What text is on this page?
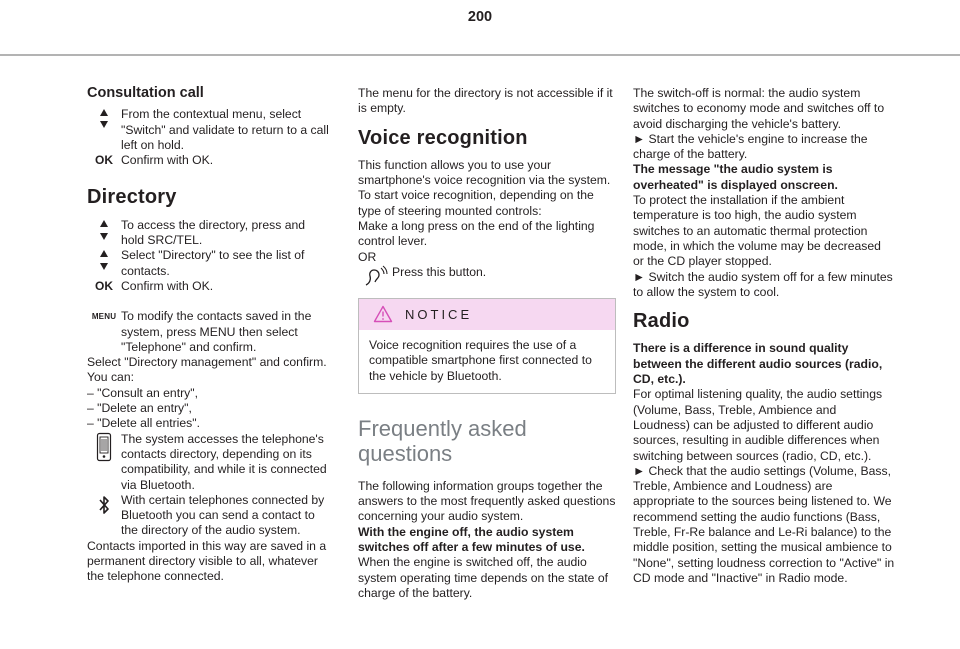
200
Consultation call

From the contextual menu, select "Switch" and validate to return to a call left on hold.

OK Confirm with OK.

Directory

To access the directory, press and hold SRC/TEL.

Select "Directory" to see the list of contacts.

OK Confirm with OK.

MENU To modify the contacts saved in the system, press MENU then select "Telephone" and confirm.

Select "Directory management" and confirm.

You can:

– "Consult an entry",

– "Delete an entry",

– "Delete all entries".

The system accesses the telephone's contacts directory, depending on its compatibility, and while it is connected via Bluetooth.

With certain telephones connected by Bluetooth you can send a contact to the directory of the audio system.

Contacts imported in this way are saved in a permanent directory visible to all, whatever the telephone connected.

The menu for the directory is not accessible if it is empty.

Voice recognition

This function allows you to use your smartphone's voice recognition via the system.

To start voice recognition, depending on the type of steering mounted controls:

Make a long press on the end of the lighting control lever.

OR

Press this button.

NOTICE

Voice recognition requires the use of a compatible smartphone first connected to the vehicle by Bluetooth.

Frequently asked questions

The following information groups together the answers to the most frequently asked questions concerning your audio system.

With the engine off, the audio system switches off after a few minutes of use.

When the engine is switched off, the audio system operating time depends on the state of charge of the battery.

The switch-off is normal: the audio system switches to economy mode and switches off to avoid discharging the vehicle's battery.

► Start the vehicle's engine to increase the charge of the battery.

The message "the audio system is overheated" is displayed onscreen.

To protect the installation if the ambient temperature is too high, the audio system switches to an automatic thermal protection mode, in which the volume may be decreased or the CD player stopped.

► Switch the audio system off for a few minutes to allow the system to cool.

Radio

There is a difference in sound quality between the different audio sources (radio, CD, etc.).

For optimal listening quality, the audio settings (Volume, Bass, Treble, Ambience and Loudness) can be adjusted to different audio sources, resulting in audible differences when switching between sources (radio, CD, etc.).

► Check that the audio settings (Volume, Bass, Treble, Ambience and Loudness) are appropriate to the sources being listened to. We recommend setting the audio functions (Bass, Treble, Fr-Re balance and Le-Ri balance) to the middle position, setting the musical ambience to "None", setting loudness correction to "Active" in CD mode and "Inactive" in Radio mode.
